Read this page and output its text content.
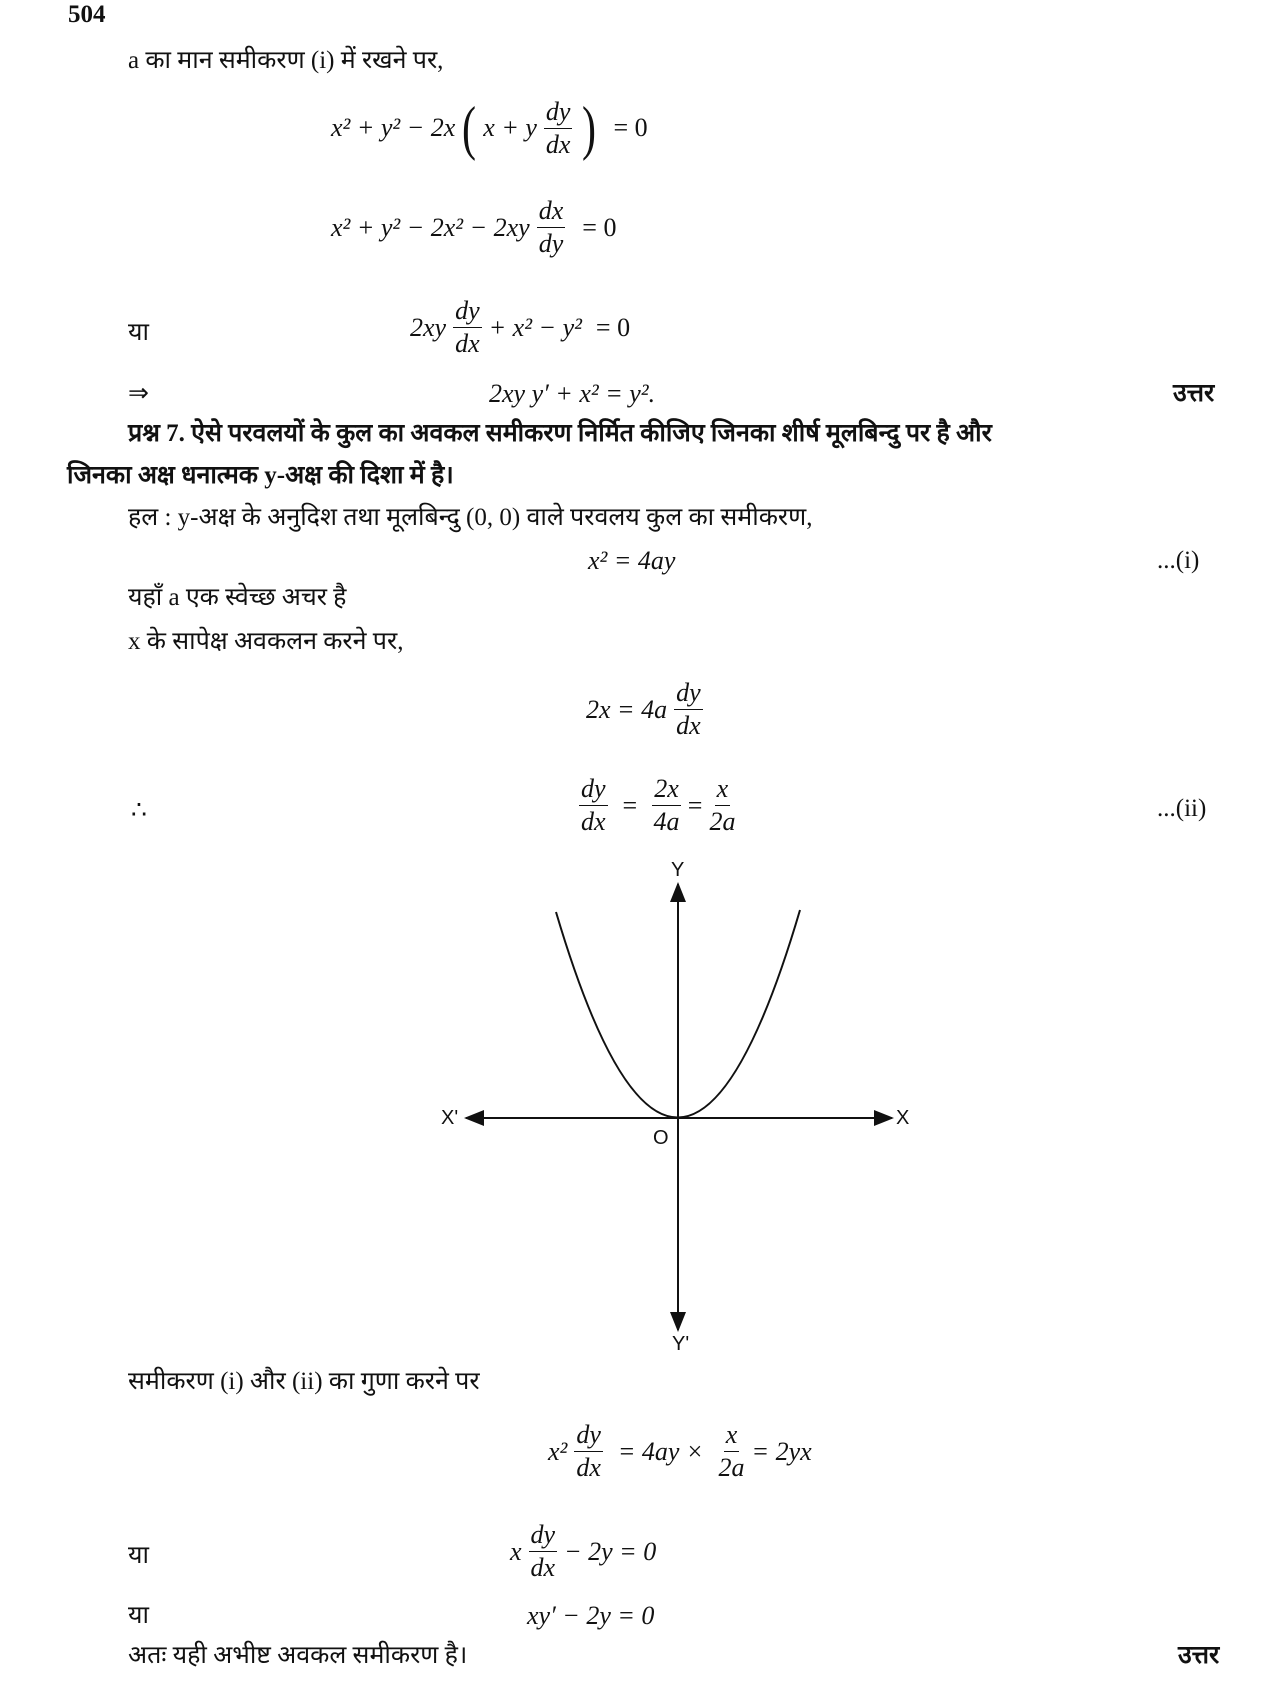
504
a का मान समीकरण (i) में रखने पर,
x² + y² − 2x ( x + y $\frac{dy}{dx}$ ) = 0
$x^2 + y^2 - 2x^2 - 2xy \frac{dx}{dy} = 0$
या	$2xy \frac{dy}{dx} + x^2 - y^2 = 0$
⇒	2xy y′ + x² = y².	उत्तर
प्रश्न 7. ऐसे परवलयों के कुल का अवकल समीकरण निर्मित कीजिए जिनका शीर्ष मूलबिन्दु पर है और
जिनका अक्ष धनात्मक y-अक्ष की दिशा में है।
हल : y-अक्ष के अनुदिश तथा मूलबिन्दु (0, 0) वाले परवलय कुल का समीकरण,
x² = 4ay	...(i)
यहाँ a एक स्वेच्छ अचर है
x के सापेक्ष अवकलन करने पर,
$2x = 4a \frac{dy}{dx}$
∴	$\frac{dy}{dx} = \frac{2x}{4a} = \frac{x}{2a}$	...(ii)
Y
Y'
X
X'
O
समीकरण (i) और (ii) का गुणा करने पर
$x^2 \frac{dy}{dx} = 4ay \times \frac{x}{2a} = 2yx$
या	x $\frac{dy}{dx} - 2y = 0$
या	xy′ − 2y = 0
अतः यही अभीष्ट अवकल समीकरण है।	उत्तर
